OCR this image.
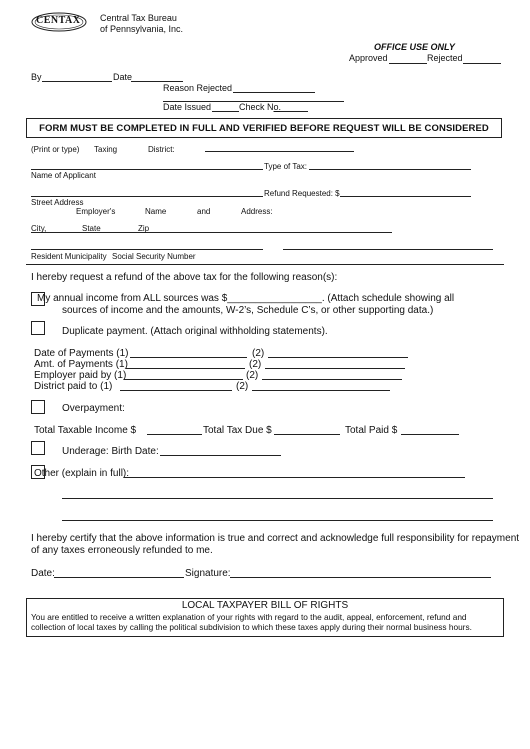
CENTAX Central Tax Bureau
of Pennsylvania, Inc.
OFFICE USE ONLY
Approved	Rejected
By	Date
Reason Rejected
Date Issued	Check No.
FORM MUST BE COMPLETED IN FULL AND VERIFIED BEFORE REQUEST WILL BE CONSIDERED
(Print or type) Taxing	District:
Type of Tax:
Name of Applicant
Refund Requested: $
Street Address
Employer's	Name	and	Address:
City,	State	Zip
Resident Municipality Social Security Number
I hereby request a refund of the above tax for the following reason(s):
My annual income from ALL sources was $_________________. (Attach schedule showing all
sources of income and the amounts, W-2’s, Schedule C’s, or other supporting data.)
Duplicate payment. (Attach original withholding statements).
Date of Payments (1)	(2)
Amt. of Payments (1)	(2)
Employer paid by (1)	(2)
District paid to (1)	(2)
Overpayment:
Total Taxable Income $	Total Tax Due $	Total Paid $
Underage: Birth Date:
Other (explain in full):
I hereby certify that the above information is true and correct and acknowledge full responsibility for repayment
of any taxes erroneously refunded to me.
Date:	Signature:
LOCAL TAXPAYER BILL OF RIGHTS
You are entitled to receive a written explanation of your rights with regard to the audit, appeal, enforcement, refund and collection of local taxes by calling the political subdivision to which these taxes apply during their normal business hours.
